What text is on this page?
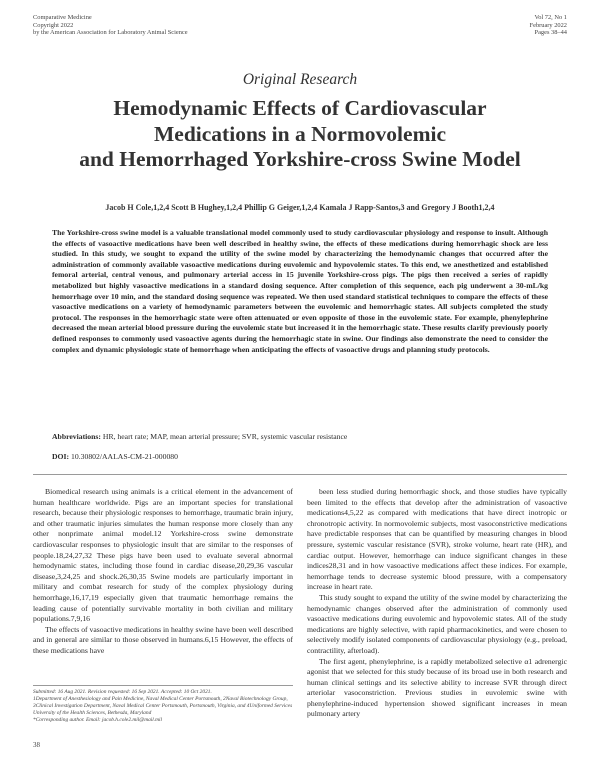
Comparative Medicine
Copyright 2022
by the American Association for Laboratory Animal Science
Vol 72, No 1
February 2022
Pages 38–44
Original Research
Hemodynamic Effects of Cardiovascular
Medications in a Normovolemic
and Hemorrhaged Yorkshire-cross Swine Model
Jacob H Cole,1,2,4 Scott B Hughey,1,2,4 Phillip G Geiger,1,2,4 Kamala J Rapp-Santos,3 and Gregory J Booth1,2,4
The Yorkshire-cross swine model is a valuable translational model commonly used to study cardiovascular physiology and response to insult. Although the effects of vasoactive medications have been well described in healthy swine, the effects of these medications during hemorrhagic shock are less studied. In this study, we sought to expand the utility of the swine model by characterizing the hemodynamic changes that occurred after the administration of commonly available vasoactive medications during euvolemic and hypovolemic states. To this end, we anesthetized and established femoral arterial, central venous, and pulmonary arterial access in 15 juvenile Yorkshire-cross pigs. The pigs then received a series of rapidly metabolized but highly vasoactive medications in a standard dosing sequence. After completion of this sequence, each pig underwent a 30-mL/kg hemorrhage over 10 min, and the standard dosing sequence was repeated. We then used standard statistical techniques to compare the effects of these vasoactive medications on a variety of hemodynamic parameters between the euvolemic and hemorrhagic states. All subjects completed the study protocol. The responses in the hemorrhagic state were often attenuated or even opposite of those in the euvolemic state. For example, phenylephrine decreased the mean arterial blood pressure during the euvolemic state but increased it in the hemorrhagic state. These results clarify previously poorly defined responses to commonly used vasoactive agents during the hemorrhagic state in swine. Our findings also demonstrate the need to consider the complex and dynamic physiologic state of hemorrhage when anticipating the effects of vasoactive drugs and planning study protocols.
Abbreviations: HR, heart rate; MAP, mean arterial pressure; SVR, systemic vascular resistance
DOI: 10.30802/AALAS-CM-21-000080

Biomedical research using animals is a critical element in the advancement of human healthcare worldwide. Pigs are an important species for translational research, because their physiologic responses to hemorrhage, traumatic brain injury, and other traumatic injuries simulates the human response more closely than any other nonprimate animal model.12 Yorkshire-cross swine demonstrate cardiovascular responses to physiologic insult that are similar to the responses of people.18,24,27,32 These pigs have been used to evaluate several abnormal hemodynamic states, including those found in cardiac disease,20,29,36 vascular disease,3,24,25 and shock.26,30,35 Swine models are particularly important in military and combat research for study of the complex physiology during hemorrhage,16,17,19 especially given that traumatic hemorrhage remains the leading cause of potentially survivable mortality in both civilian and military populations.7,9,16

The effects of vasoactive medications in healthy swine have been well described and in general are similar to those observed in humans.6,15 However, the effects of these medications have

been less studied during hemorrhagic shock, and those studies have typically been limited to the effects that develop after the administration of vasoactive medications4,5,22 as compared with medications that have direct inotropic or chronotropic activity. In normovolemic subjects, most vasoconstrictive medications have predictable responses that can be quantified by measuring changes in blood pressure, systemic vascular resistance (SVR), stroke volume, heart rate (HR), and cardiac output. However, hemorrhage can induce significant changes in these indices28,31 and in how vasoactive medications affect these indices. For example, hemorrhage tends to decrease systemic blood pressure, with a compensatory increase in heart rate.

This study sought to expand the utility of the swine model by characterizing the hemodynamic changes observed after the administration of commonly used vasoactive medications during euvolemic and hypovolemic states. All of the study medications are highly selective, with rapid pharmacokinetics, and were chosen to selectively modify isolated components of cardiovascular physiology (e.g., preload, contractility, afterload).

The first agent, phenylephrine, is a rapidly metabolized selective α1 adrenergic agonist that we selected for this study because of its broad use in both research and human clinical settings and its selective ability to increase SVR through direct arteriolar vasoconstriction. Previous studies in euvolemic swine with phenylephrine-induced hypertension showed significant increases in mean pulmonary artery

Submitted: 16 Aug 2021. Revision requested: 16 Sep 2021. Accepted: 10 Oct 2021.

1Department of Anesthesiology and Pain Medicine, Naval Medical Center Portsmouth, 2Naval Biotechnology Group, 3Clinical Investigation Department, Naval Medical Center Portsmouth, Portsmouth, Virginia, and 4Uniformed Services University of the Health Sciences, Bethesda, Maryland

*Corresponding author. Email: jacob.h.cole2.mil@mail.mil

38
